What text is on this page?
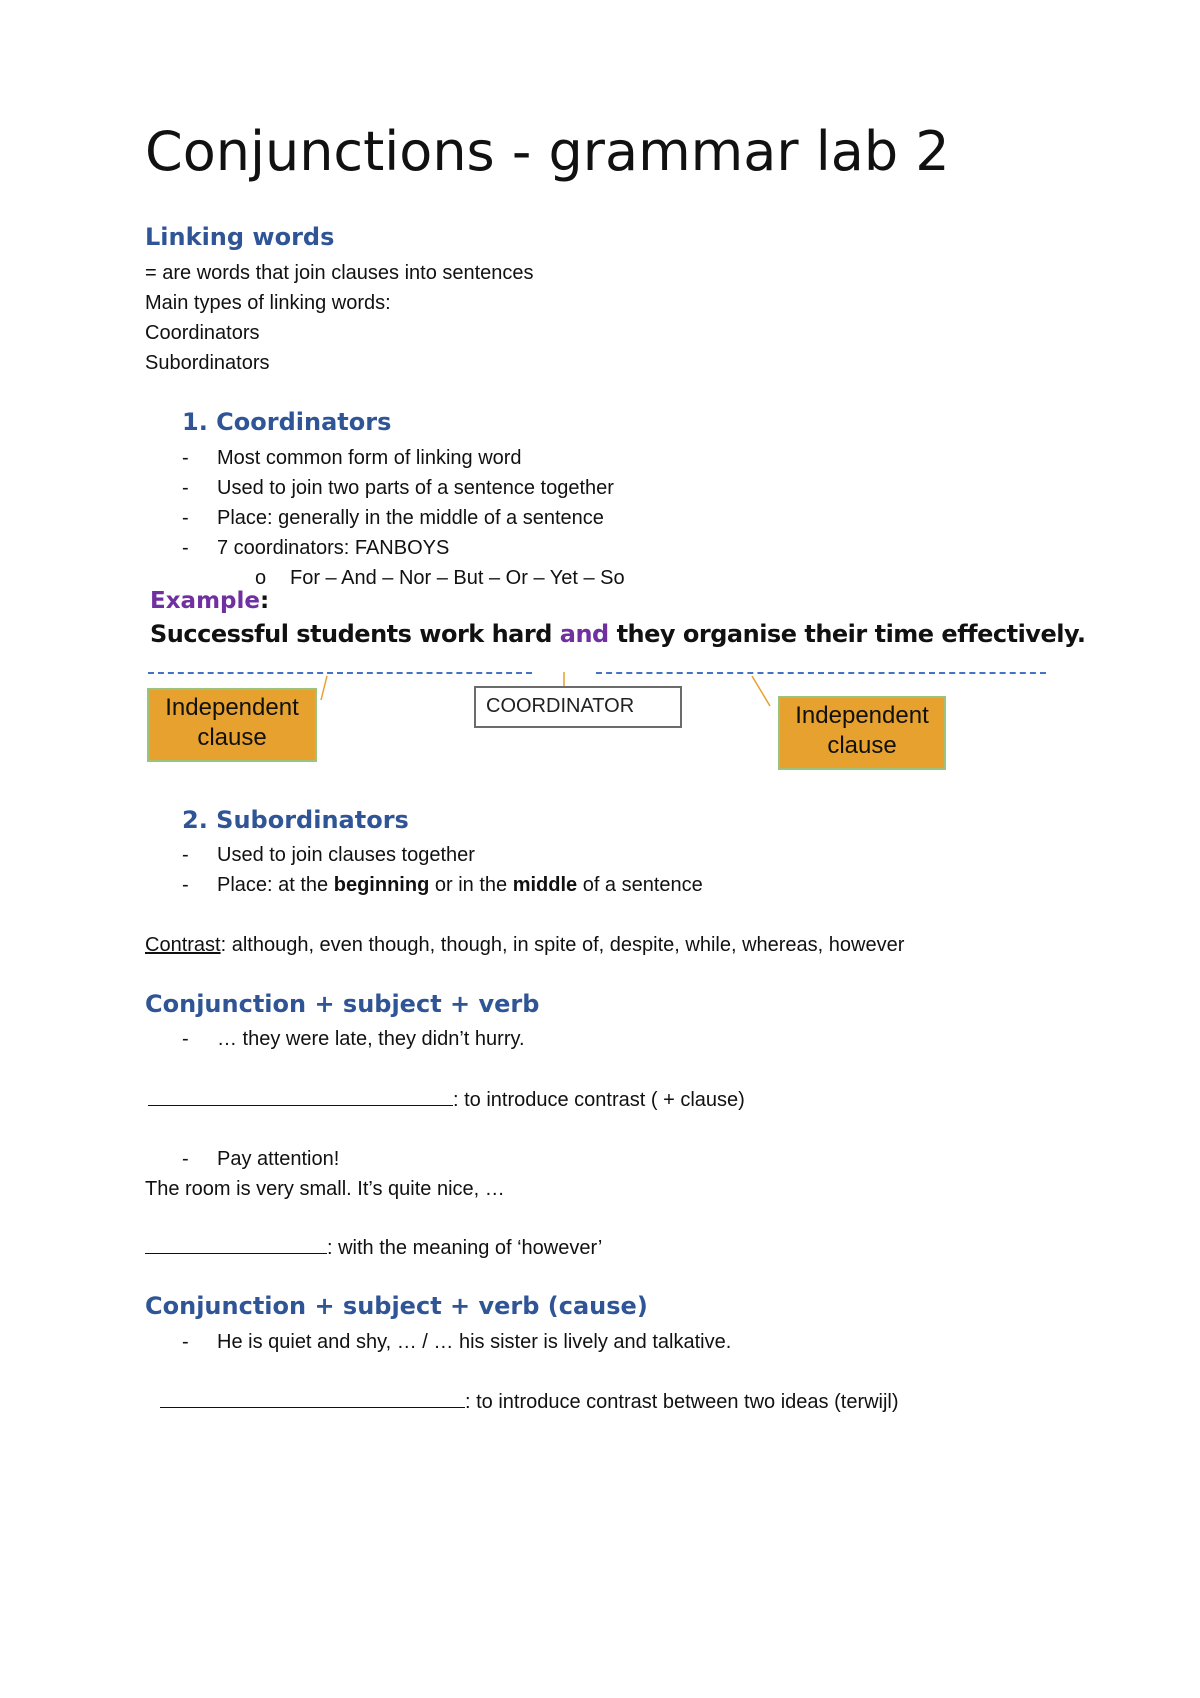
Conjunctions - grammar lab 2
Linking words
= are words that join clauses into sentences
Main types of linking words:
Coordinators
Subordinators
1. Coordinators
- Most common form of linking word
- Used to join two parts of a sentence together
- Place: generally in the middle of a sentence
- 7 coordinators: FANBOYS
o For – And – Nor – But – Or – Yet – So
Example:
Successful students work hard and they organise their time effectively.
Independent
clause
COORDINATOR	Independent
clause
2. Subordinators
- Used to join clauses together
- Place: at the beginning or in the middle of a sentence
Contrast: although, even though, though, in spite of, despite, while, whereas, however
Conjunction + subject + verb
- … they were late, they didn’t hurry.
: to introduce contrast ( + clause)
- Pay attention!
The room is very small. It’s quite nice, …
: with the meaning of ‘however’
Conjunction + subject + verb (cause)
- He is quiet and shy, … / … his sister is lively and talkative.
: to introduce contrast between two ideas (terwijl)
